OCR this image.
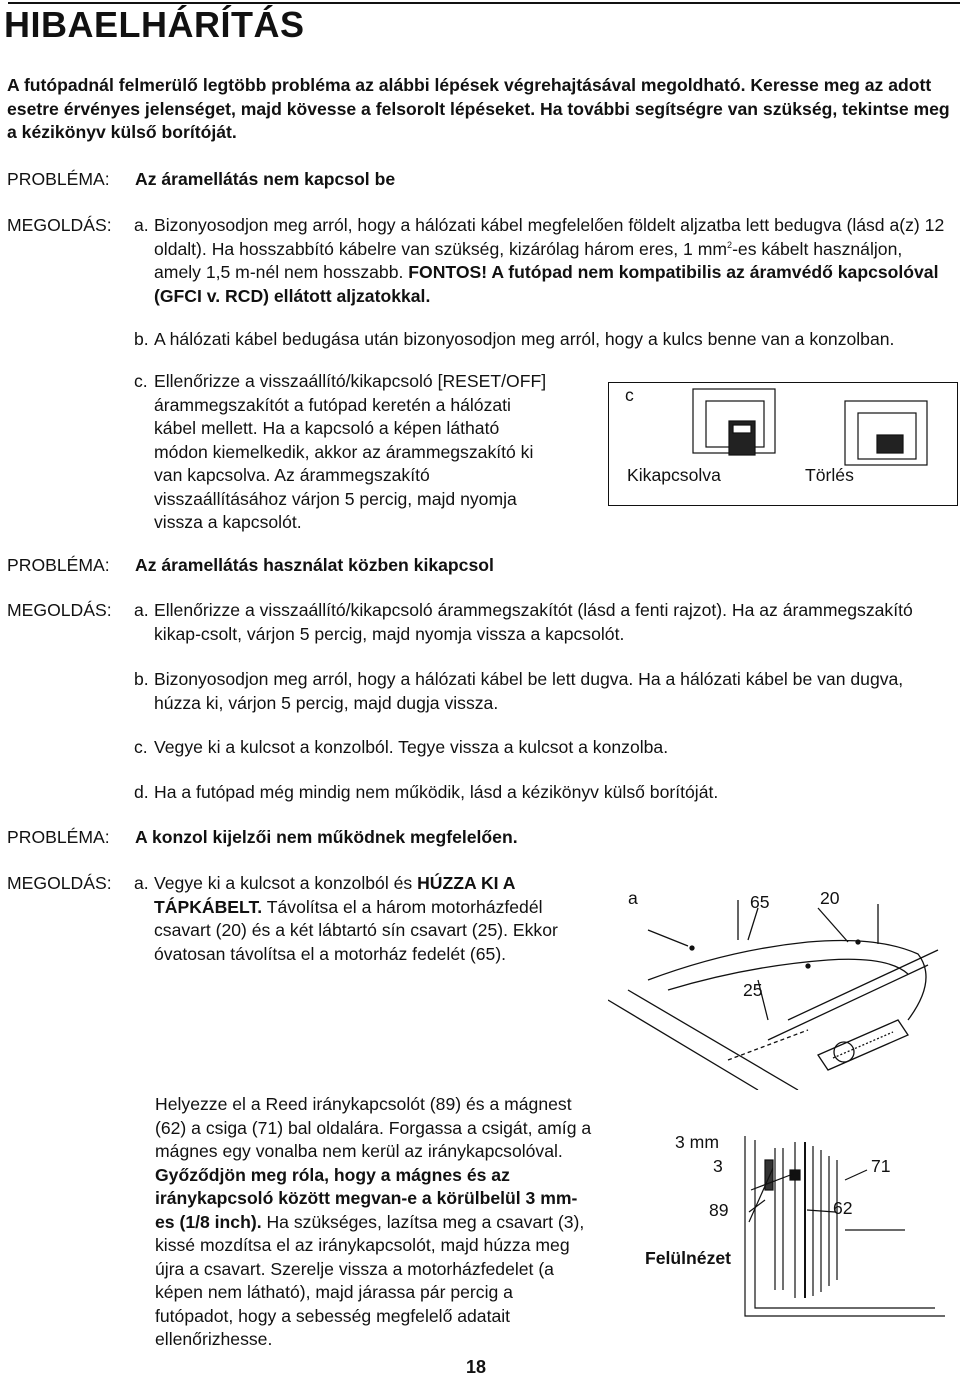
HIBAELHÁRÍTÁS
A futópadnál felmerülő legtöbb probléma az alábbi lépések végrehajtásával megoldható. Keresse meg az adott esetre érvényes jelenséget, majd kövesse a felsorolt lépéseket. Ha további segítségre van szükség, tekintse meg a kézikönyv külső borítóját.
PROBLÉMA: Az áramellátás nem kapcsol be
MEGOLDÁS: a. Bizonyosodjon meg arról, hogy a hálózati kábel megfelelően földelt aljzatba lett bedugva (lásd a(z) 12 oldalt). Ha hosszabbító kábelre van szükség, kizárólag három eres, 1 $mm^2-es$ kábelt használjon, amely 1,5 m-nél nem hosszabb. FONTOS! A futópad nem kompatibilis az áramvédő kapcsolóval (GFCI v. RCD) ellátott aljzatokkal.
b. A hálózati kábel bedugása után bizonyosodjon meg arról, hogy a kulcs benne van a konzolban.
c. Ellenőrizze a visszaállító/kikapcsoló [RESET/OFF] árammegszakítót a futópad keretén a hálózati kábel mellett. Ha a kapcsoló a képen látható módon kiemelkedik, akkor az árammegszakító ki van kapcsolva. Az árammegszakító visszaállításához várjon 5 percig, majd nyomja vissza a kapcsolót.
c
Kikapcsolva	Törlés
PROBLÉMA: Az áramellátás használat közben kikapcsol
MEGOLDÁS: a. Ellenőrizze a visszaállító/kikapcsoló árammegszakítót (lásd a fenti rajzot). Ha az árammegszakító kikap-csolt, várjon 5 percig, majd nyomja vissza a kapcsolót.
b. Bizonyosodjon meg arról, hogy a hálózati kábel be lett dugva. Ha a hálózati kábel be van dugva, húzza ki, várjon 5 percig, majd dugja vissza.
c. Vegye ki a kulcsot a konzolból. Tegye vissza a kulcsot a konzolba.
d. Ha a futópad még mindig nem működik, lásd a kézikönyv külső borítóját.
PROBLÉMA: A konzol kijelzői nem működnek megfelelően.
MEGOLDÁS: a. Vegye ki a kulcsot a konzolból és HÚZZA KI A TÁPKÁBELT. Távolítsa el a három motorházfedél csavart (20) és a két lábtartó sín csavart (25). Ekkor óvatosan távolítsa el a motorház fedelét (65).
a	65	20
25
Helyezze el a Reed iránykapcsolót (89) és a mágnest (62) a csiga (71) bal oldalára. Forgassa a csigát, amíg a mágnes egy vonalba nem kerül az iránykapcsolóval. Győződjön meg róla, hogy a mágnes és az iránykapcsoló között megvan-e a körülbelül 3 mm-es (1/8 inch). Ha szükséges, lazítsa meg a csavart (3), kissé mozdítsa el az iránykapcsolót, majd húzza meg újra a csavart. Szerelje vissza a motorházfedelet (a képen nem látható), majd járassa pár percig a futópadot, hogy a sebesség megfelelő adatait ellenőrizhesse.
3 mm
3	71
89	62
Felülnézet
18
